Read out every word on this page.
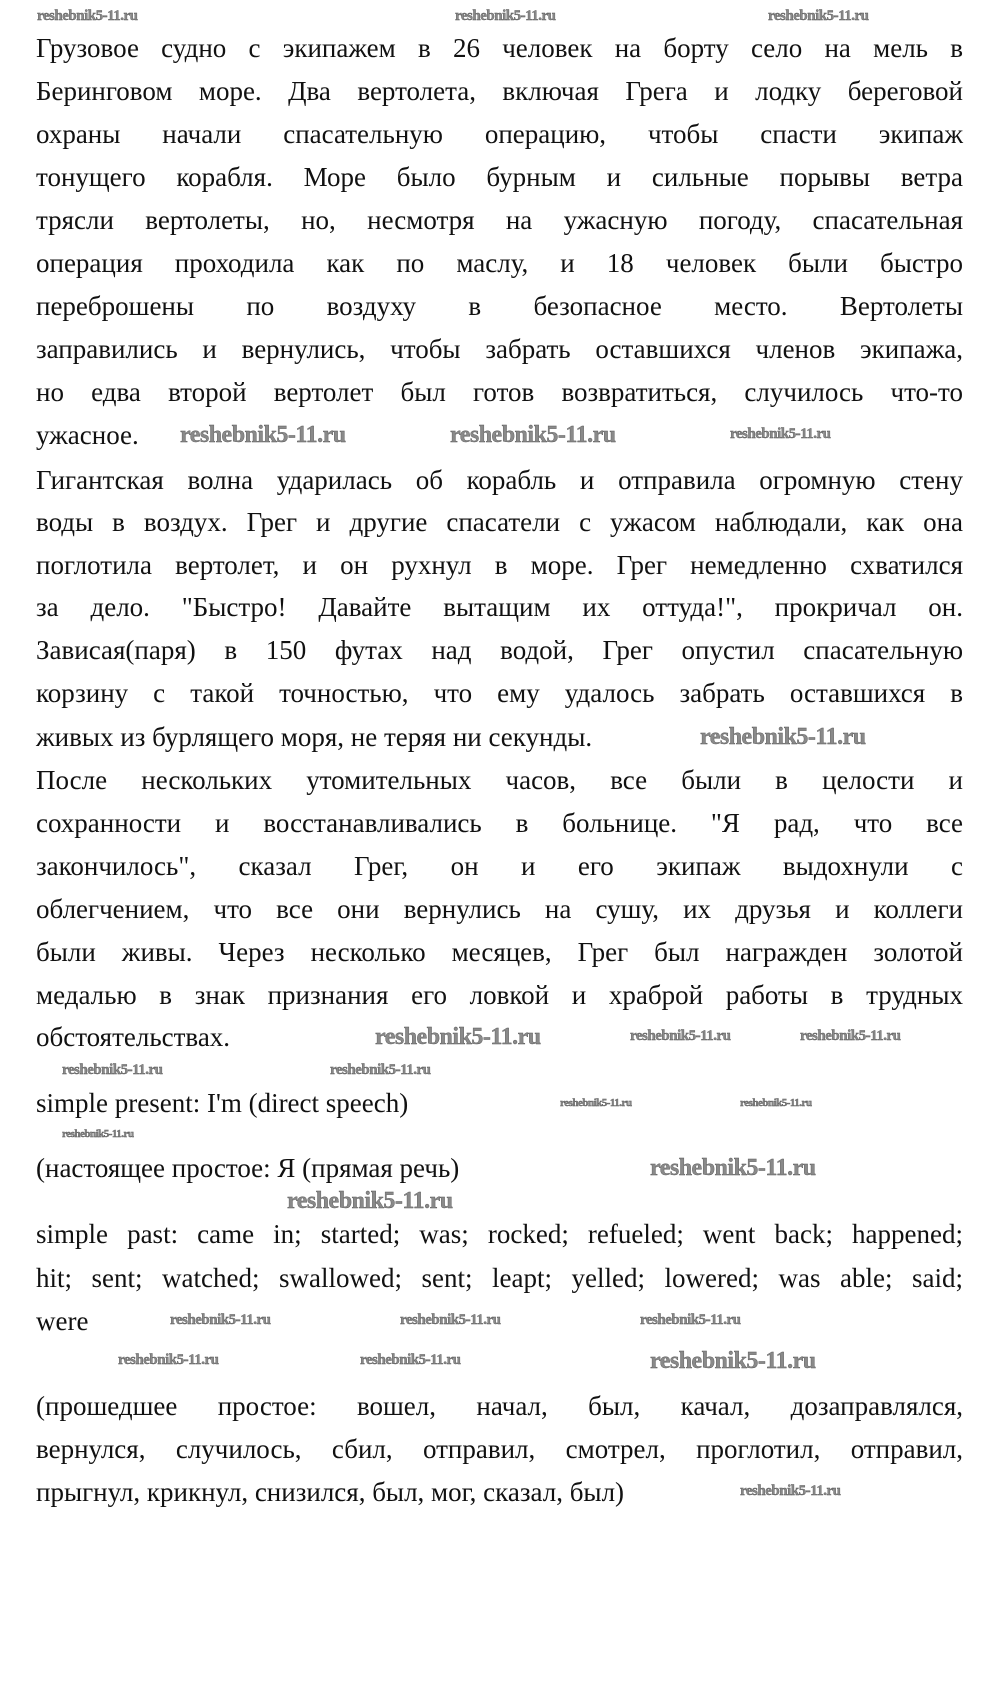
Грузовое судно с экипажем в 26 человек на борту село на мель в
Беринговом море. Два вертолета, включая Грега и лодку береговой
охраны начали спасательную операцию, чтобы спасти экипаж
тонущего корабля. Море было бурным и сильные порывы ветра
трясли вертолеты, но, несмотря на ужасную погоду, спасательная
операция проходила как по маслу, и 18 человек были быстро
переброшены по воздуху в безопасное место. Вертолеты
заправились и вернулись, чтобы забрать оставшихся членов экипажа,
но едва второй вертолет был готов возвратиться, случилось что-то
ужасное.
Гигантская волна ударилась об корабль и отправила огромную стену
воды в воздух. Грег и другие спасатели с ужасом наблюдали, как она
поглотила вертолет, и он рухнул в море. Грег немедленно схватился
за дело. "Быстро! Давайте вытащим их оттуда!", прокричал он.
Зависая(паря) в 150 футах над водой, Грег опустил спасательную
корзину с такой точностью, что ему удалось забрать оставшихся в
живых из бурлящего моря, не теряя ни секунды.
После нескольких утомительных часов, все были в целости и
сохранности и восстанавливались в больнице. "Я рад, что все
закончилось", сказал Грег, он и его экипаж выдохнули с
облегчением, что все они вернулись на сушу, их друзья и коллеги
были живы. Через несколько месяцев, Грег был награжден золотой
медалью в знак признания его ловкой и храброй работы в трудных
обстоятельствах.
simple present: I'm (direct speech)
(настоящее простое: Я (прямая речь)
simple past: came in; started; was; rocked; refueled; went back; happened;
hit; sent; watched; swallowed; sent; leapt; yelled; lowered; was able; said;
were
(прошедшее простое: вошел, начал, был, качал, дозаправлялся,
вернулся, случилось, сбил, отправил, смотрел, проглотил, отправил,
прыгнул, крикнул, снизился, был, мог, сказал, был)
reshebnik5-11.ru	reshebnik5-11.ru	reshebnik5-11.ru
reshebnik5-11.ru	reshebnik5-11.ru	reshebnik5-11.ru
reshebnik5-11.ru
reshebnik5-11.ru	reshebnik5-11.ru	reshebnik5-11.ru
reshebnik5-11.ru	reshebnik5-11.ru
reshebnik5-11.ru	reshebnik5-11.ru
reshebnik5-11.ru
reshebnik5-11.ru
reshebnik5-11.ru
reshebnik5-11.ru	reshebnik5-11.ru	reshebnik5-11.ru
reshebnik5-11.ru	reshebnik5-11.ru	reshebnik5-11.ru
reshebnik5-11.ru
